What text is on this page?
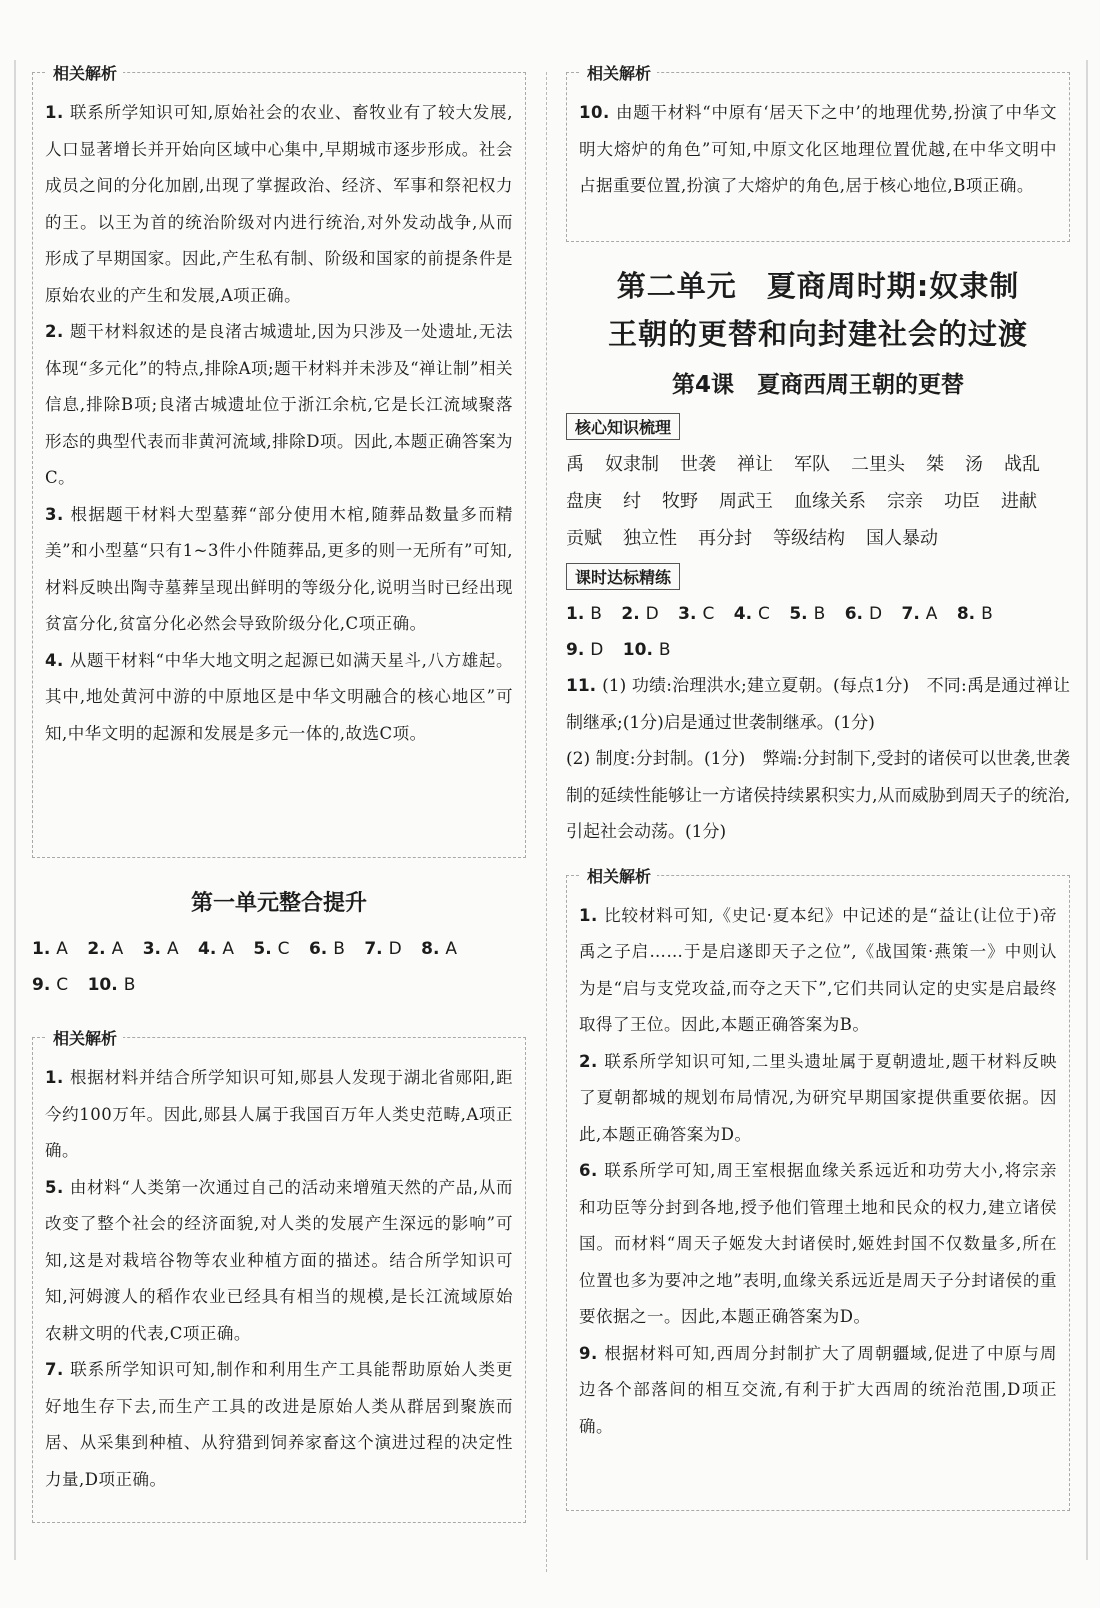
相关解析

1. 联系所学知识可知,原始社会的农业、畜牧业有了较大发展,人口显著增长并开始向区域中心集中,早期城市逐步形成。社会成员之间的分化加剧,出现了掌握政治、经济、军事和祭祀权力的王。以王为首的统治阶级对内进行统治,对外发动战争,从而形成了早期国家。因此,产生私有制、阶级和国家的前提条件是原始农业的产生和发展,A项正确。

2. 题干材料叙述的是良渚古城遗址,因为只涉及一处遗址,无法体现“多元化”的特点,排除A项;题干材料并未涉及“禅让制”相关信息,排除B项;良渚古城遗址位于浙江余杭,它是长江流域聚落形态的典型代表而非黄河流域,排除D项。因此,本题正确答案为C。

3. 根据题干材料大型墓葬“部分使用木棺,随葬品数量多而精美”和小型墓“只有1~3件小件随葬品,更多的则一无所有”可知,材料反映出陶寺墓葬呈现出鲜明的等级分化,说明当时已经出现贫富分化,贫富分化必然会导致阶级分化,C项正确。

4. 从题干材料“中华大地文明之起源已如满天星斗,八方雄起。其中,地处黄河中游的中原地区是中华文明融合的核心地区”可知,中华文明的起源和发展是多元一体的,故选C项。

第一单元整合提升
1. A 2. A 3. A 4. A 5. C 6. B 7. D 8. A
9. C 10. B
相关解析

1. 根据材料并结合所学知识可知,郧县人发现于湖北省郧阳,距今约100万年。因此,郧县人属于我国百万年人类史范畴,A项正确。

5. 由材料“人类第一次通过自己的活动来增殖天然的产品,从而改变了整个社会的经济面貌,对人类的发展产生深远的影响”可知,这是对栽培谷物等农业种植方面的描述。结合所学知识可知,河姆渡人的稻作农业已经具有相当的规模,是长江流域原始农耕文明的代表,C项正确。

7. 联系所学知识可知,制作和利用生产工具能帮助原始人类更好地生存下去,而生产工具的改进是原始人类从群居到聚族而居、从采集到种植、从狩猎到饲养家畜这个演进过程的决定性力量,D项正确。

相关解析

10. 由题干材料“中原有‘居天下之中’的地理优势,扮演了中华文明大熔炉的角色”可知,中原文化区地理位置优越,在中华文明中占据重要位置,扮演了大熔炉的角色,居于核心地位,B项正确。

第二单元　夏商周时期:奴隶制
王朝的更替和向封建社会的过渡
第4课　夏商西周王朝的更替
核心知识梳理
禹 奴隶制 世袭 禅让 军队 二里头 桀 汤 战乱盘庚 纣 牧野 周武王 血缘关系 宗亲 功臣 进献贡赋 独立性 再分封 等级结构 国人暴动
课时达标精练
1. B 2. D 3. C 4. C 5. B 6. D 7. A 8. B
9. D 10. B

11. (1) 功绩:治理洪水;建立夏朝。(每点1分)　不同:禹是通过禅让制继承;(1分)启是通过世袭制继承。(1分)

(2) 制度:分封制。(1分)　弊端:分封制下,受封的诸侯可以世袭,世袭制的延续性能够让一方诸侯持续累积实力,从而威胁到周天子的统治,引起社会动荡。(1分)

相关解析

1. 比较材料可知,《史记·夏本纪》中记述的是“益让(让位于)帝禹之子启……于是启遂即天子之位”,《战国策·燕策一》中则认为是“启与支党攻益,而夺之天下”,它们共同认定的史实是启最终取得了王位。因此,本题正确答案为B。

2. 联系所学知识可知,二里头遗址属于夏朝遗址,题干材料反映了夏朝都城的规划布局情况,为研究早期国家提供重要依据。因此,本题正确答案为D。

6. 联系所学可知,周王室根据血缘关系远近和功劳大小,将宗亲和功臣等分封到各地,授予他们管理土地和民众的权力,建立诸侯国。而材料“周天子姬发大封诸侯时,姬姓封国不仅数量多,所在位置也多为要冲之地”表明,血缘关系远近是周天子分封诸侯的重要依据之一。因此,本题正确答案为D。

9. 根据材料可知,西周分封制扩大了周朝疆域,促进了中原与周边各个部落间的相互交流,有利于扩大西周的统治范围,D项正确。
